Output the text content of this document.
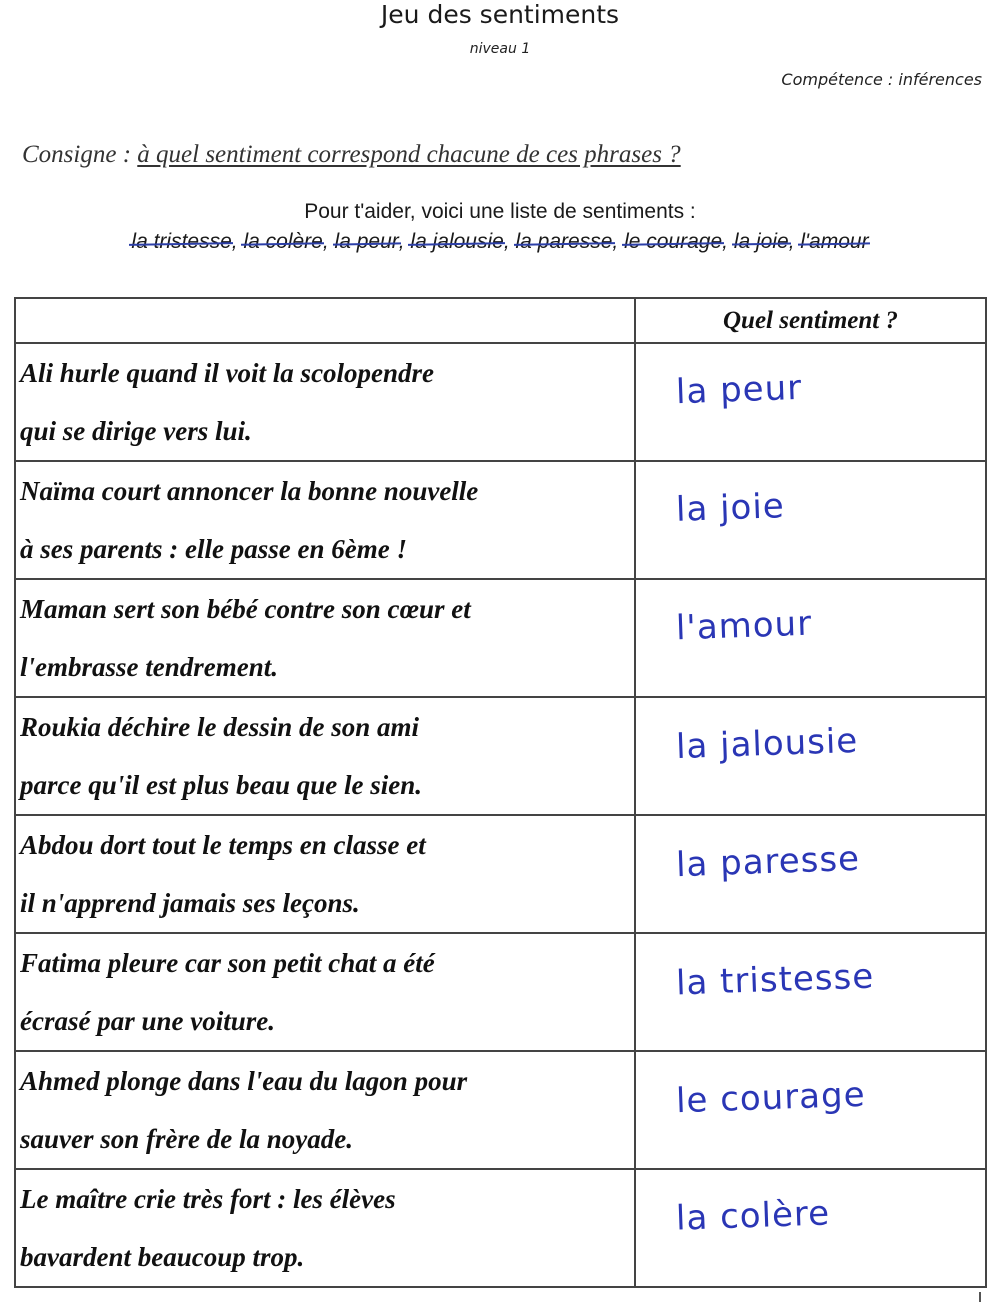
Jeu des sentiments
niveau 1
Compétence : inférences
Consigne : à quel sentiment correspond chacune de ces phrases ?
Pour t'aider, voici une liste de sentiments :
la tristesse, la colère, la peur, la jalousie, la paresse, le courage, la joie, l'amour
	Quel sentiment ?

Ali hurle quand il voit la scolopendre
qui se dirige vers lui.	la peur

Naïma court annoncer la bonne nouvelle
à ses parents : elle passe en 6ème !	la joie

Maman sert son bébé contre son cœur et
l'embrasse tendrement.	l'amour

Roukia déchire le dessin de son ami
parce qu'il est plus beau que le sien.	la jalousie

Abdou dort tout le temps en classe et
il n'apprend jamais ses leçons.	la paresse

Fatima pleure car son petit chat a été
écrasé par une voiture.	la tristesse

Ahmed plonge dans l'eau du lagon pour
sauver son frère de la noyade.	le courage

Le maître crie très fort : les élèves
bavardent beaucoup trop.	la colère
